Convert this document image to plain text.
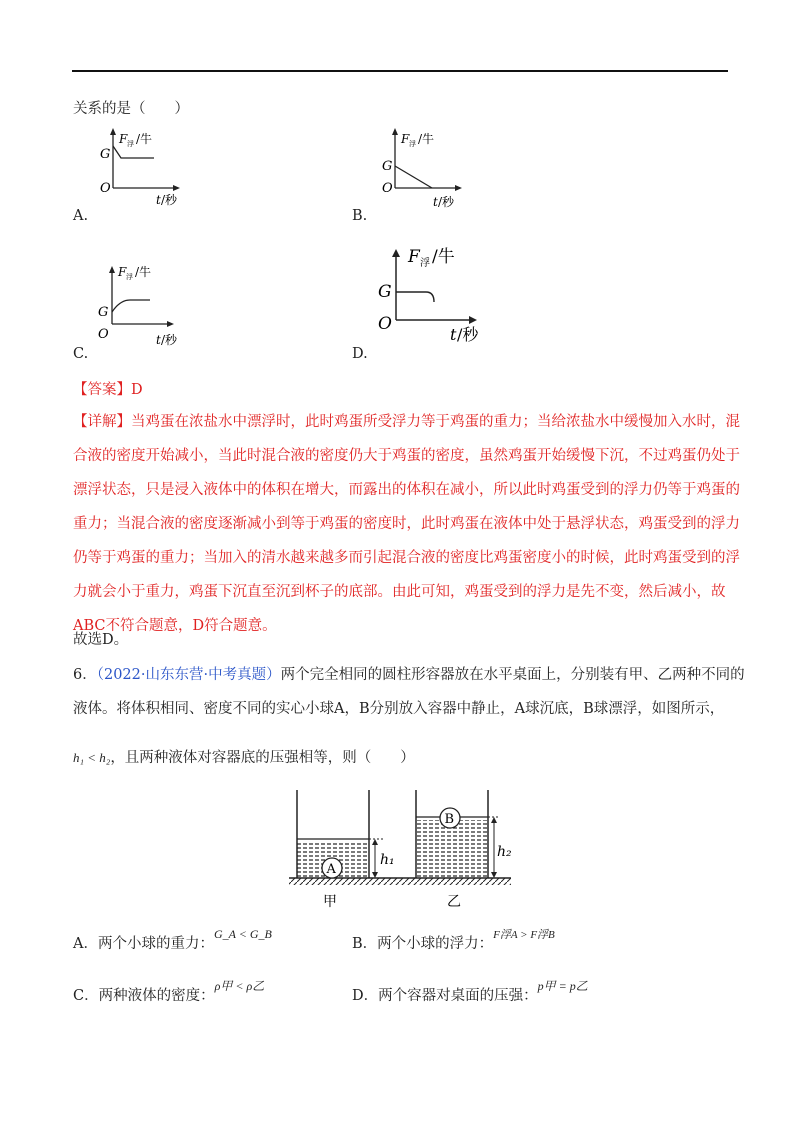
关系的是（　　）
F 浮 /牛
G
O
t /秒
A.
F 浮 /牛
G
O
t /秒
B.
F 浮 /牛
G
O	t /秒
C.
F 浮 /牛
G
O
t /秒
D.
【答案】D
【详解】当鸡蛋在浓盐水中漂浮时，此时鸡蛋所受浮力等于鸡蛋的重力；当给浓盐水中缓慢加入水时，混
合液的密度开始减小，当此时混合液的密度仍大于鸡蛋的密度，虽然鸡蛋开始缓慢下沉，不过鸡蛋仍处于
漂浮状态，只是浸入液体中的体积在增大，而露出的体积在减小，所以此时鸡蛋受到的浮力仍等于鸡蛋的
重力；当混合液的密度逐渐减小到等于鸡蛋的密度时，此时鸡蛋在液体中处于悬浮状态，鸡蛋受到的浮力
仍等于鸡蛋的重力；当加入的清水越来越多而引起混合液的密度比鸡蛋密度小的时候，此时鸡蛋受到的浮
力就会小于重力，鸡蛋下沉直至沉到杯子的底部。由此可知，鸡蛋受到的浮力是先不变，然后减小，故
ABC不符合题意，D符合题意。
故选D。
6．（2022·山东东营·中考真题）两个完全相同的圆柱形容器放在水平桌面上，分别装有甲、乙两种不同的
液体。将体积相同、密度不同的实心小球A，B分别放入容器中静止，A球沉底，B球漂浮，如图所示，
h₁ < h₂，且两种液体对容器底的压强相等，则（　　）
A
h₁
B
h₂
甲	乙
A．两个小球的重力：$^{G\_A < G\_B}$
B．两个小球的浮力：$^{F浮A > F浮B}$
C．两种液体的密度：$^{\rho 甲 < \rho 乙}$
D．两个容器对桌面的压强：$^{p甲 = p乙}$
